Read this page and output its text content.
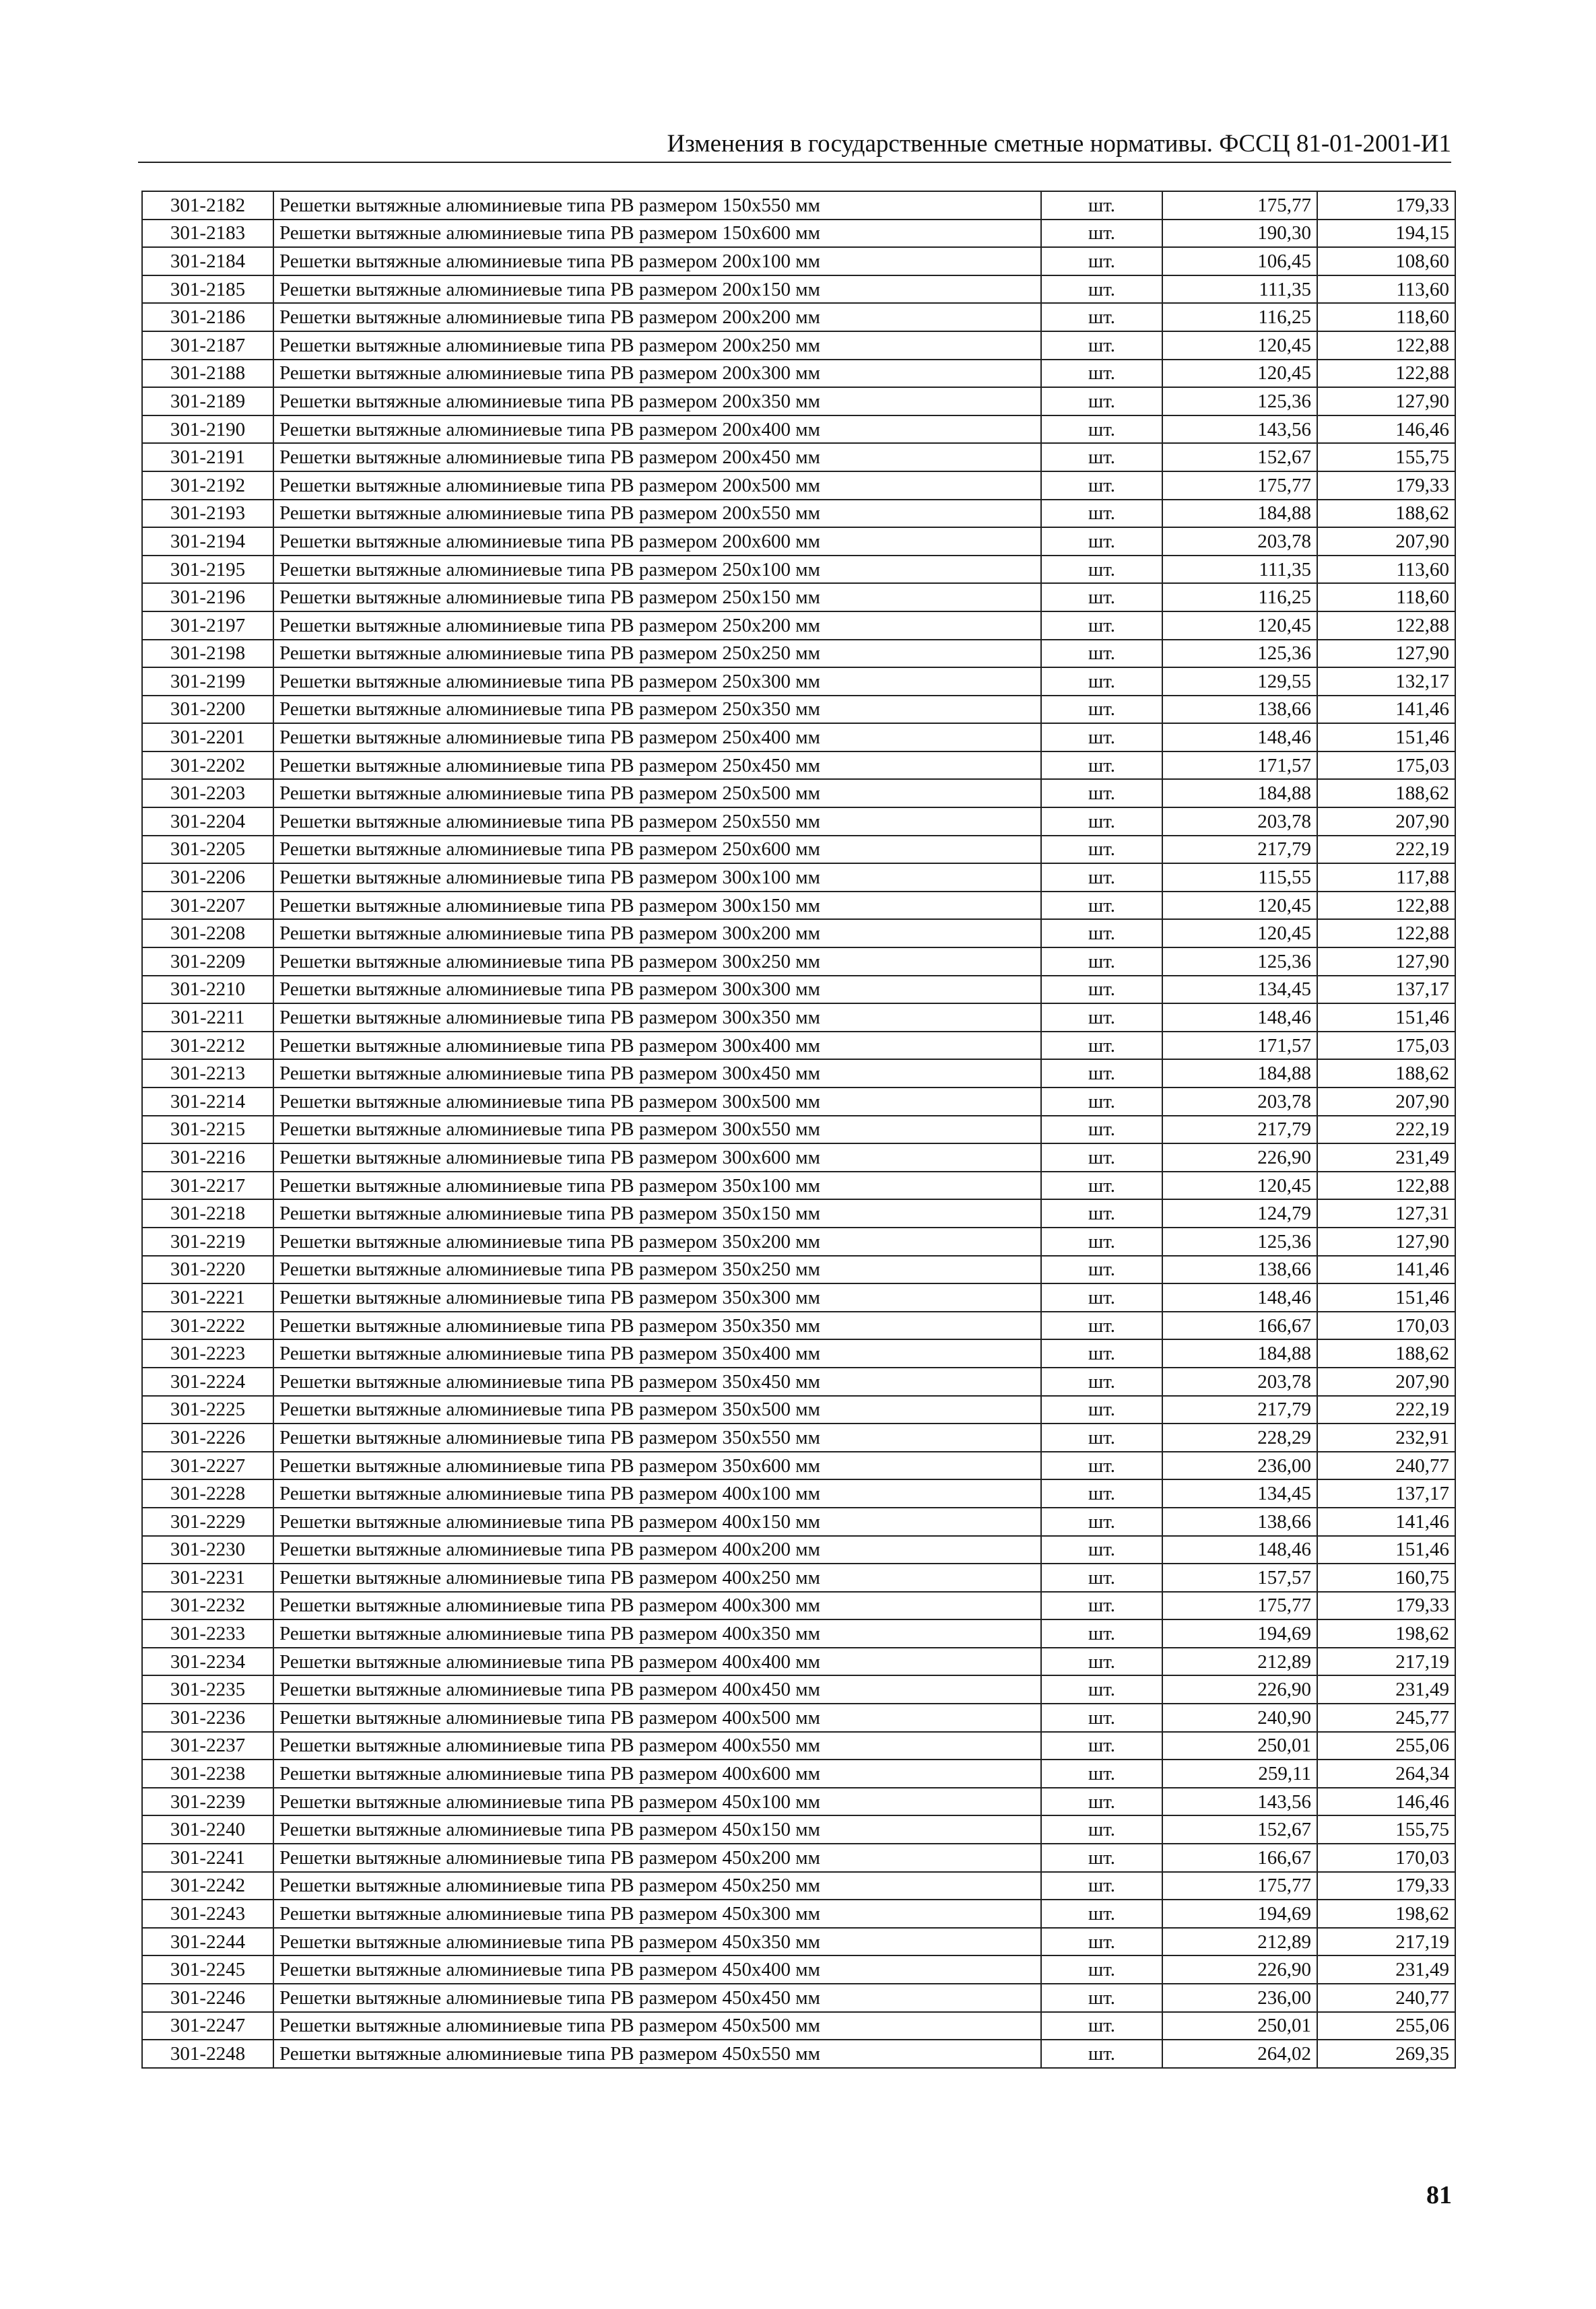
Изменения в государственные сметные нормативы. ФССЦ 81-01-2001-И1
301-2182	Решетки вытяжные алюминиевые типа РВ размером 150х550 мм	шт.	175,77	179,33
301-2183	Решетки вытяжные алюминиевые типа РВ размером 150х600 мм	шт.	190,30	194,15
301-2184	Решетки вытяжные алюминиевые типа РВ размером 200х100 мм	шт.	106,45	108,60
301-2185	Решетки вытяжные алюминиевые типа РВ размером 200х150 мм	шт.	111,35	113,60
301-2186	Решетки вытяжные алюминиевые типа РВ размером 200х200 мм	шт.	116,25	118,60
301-2187	Решетки вытяжные алюминиевые типа РВ размером 200х250 мм	шт.	120,45	122,88
301-2188	Решетки вытяжные алюминиевые типа РВ размером 200х300 мм	шт.	120,45	122,88
301-2189	Решетки вытяжные алюминиевые типа РВ размером 200х350 мм	шт.	125,36	127,90
301-2190	Решетки вытяжные алюминиевые типа РВ размером 200х400 мм	шт.	143,56	146,46
301-2191	Решетки вытяжные алюминиевые типа РВ размером 200х450 мм	шт.	152,67	155,75
301-2192	Решетки вытяжные алюминиевые типа РВ размером 200х500 мм	шт.	175,77	179,33
301-2193	Решетки вытяжные алюминиевые типа РВ размером 200х550 мм	шт.	184,88	188,62
301-2194	Решетки вытяжные алюминиевые типа РВ размером 200х600 мм	шт.	203,78	207,90
301-2195	Решетки вытяжные алюминиевые типа РВ размером 250х100 мм	шт.	111,35	113,60
301-2196	Решетки вытяжные алюминиевые типа РВ размером 250х150 мм	шт.	116,25	118,60
301-2197	Решетки вытяжные алюминиевые типа РВ размером 250х200 мм	шт.	120,45	122,88
301-2198	Решетки вытяжные алюминиевые типа РВ размером 250х250 мм	шт.	125,36	127,90
301-2199	Решетки вытяжные алюминиевые типа РВ размером 250х300 мм	шт.	129,55	132,17
301-2200	Решетки вытяжные алюминиевые типа РВ размером 250х350 мм	шт.	138,66	141,46
301-2201	Решетки вытяжные алюминиевые типа РВ размером 250х400 мм	шт.	148,46	151,46
301-2202	Решетки вытяжные алюминиевые типа РВ размером 250х450 мм	шт.	171,57	175,03
301-2203	Решетки вытяжные алюминиевые типа РВ размером 250х500 мм	шт.	184,88	188,62
301-2204	Решетки вытяжные алюминиевые типа РВ размером 250х550 мм	шт.	203,78	207,90
301-2205	Решетки вытяжные алюминиевые типа РВ размером 250х600 мм	шт.	217,79	222,19
301-2206	Решетки вытяжные алюминиевые типа РВ размером 300х100 мм	шт.	115,55	117,88
301-2207	Решетки вытяжные алюминиевые типа РВ размером 300х150 мм	шт.	120,45	122,88
301-2208	Решетки вытяжные алюминиевые типа РВ размером 300х200 мм	шт.	120,45	122,88
301-2209	Решетки вытяжные алюминиевые типа РВ размером 300х250 мм	шт.	125,36	127,90
301-2210	Решетки вытяжные алюминиевые типа РВ размером 300х300 мм	шт.	134,45	137,17
301-2211	Решетки вытяжные алюминиевые типа РВ размером 300х350 мм	шт.	148,46	151,46
301-2212	Решетки вытяжные алюминиевые типа РВ размером 300х400 мм	шт.	171,57	175,03
301-2213	Решетки вытяжные алюминиевые типа РВ размером 300х450 мм	шт.	184,88	188,62
301-2214	Решетки вытяжные алюминиевые типа РВ размером 300х500 мм	шт.	203,78	207,90
301-2215	Решетки вытяжные алюминиевые типа РВ размером 300х550 мм	шт.	217,79	222,19
301-2216	Решетки вытяжные алюминиевые типа РВ размером 300х600 мм	шт.	226,90	231,49
301-2217	Решетки вытяжные алюминиевые типа РВ размером 350х100 мм	шт.	120,45	122,88
301-2218	Решетки вытяжные алюминиевые типа РВ размером 350х150 мм	шт.	124,79	127,31
301-2219	Решетки вытяжные алюминиевые типа РВ размером 350х200 мм	шт.	125,36	127,90
301-2220	Решетки вытяжные алюминиевые типа РВ размером 350х250 мм	шт.	138,66	141,46
301-2221	Решетки вытяжные алюминиевые типа РВ размером 350х300 мм	шт.	148,46	151,46
301-2222	Решетки вытяжные алюминиевые типа РВ размером 350х350 мм	шт.	166,67	170,03
301-2223	Решетки вытяжные алюминиевые типа РВ размером 350х400 мм	шт.	184,88	188,62
301-2224	Решетки вытяжные алюминиевые типа РВ размером 350х450 мм	шт.	203,78	207,90
301-2225	Решетки вытяжные алюминиевые типа РВ размером 350х500 мм	шт.	217,79	222,19
301-2226	Решетки вытяжные алюминиевые типа РВ размером 350х550 мм	шт.	228,29	232,91
301-2227	Решетки вытяжные алюминиевые типа РВ размером 350х600 мм	шт.	236,00	240,77
301-2228	Решетки вытяжные алюминиевые типа РВ размером 400х100 мм	шт.	134,45	137,17
301-2229	Решетки вытяжные алюминиевые типа РВ размером 400х150 мм	шт.	138,66	141,46
301-2230	Решетки вытяжные алюминиевые типа РВ размером 400х200 мм	шт.	148,46	151,46
301-2231	Решетки вытяжные алюминиевые типа РВ размером 400х250 мм	шт.	157,57	160,75
301-2232	Решетки вытяжные алюминиевые типа РВ размером 400х300 мм	шт.	175,77	179,33
301-2233	Решетки вытяжные алюминиевые типа РВ размером 400х350 мм	шт.	194,69	198,62
301-2234	Решетки вытяжные алюминиевые типа РВ размером 400х400 мм	шт.	212,89	217,19
301-2235	Решетки вытяжные алюминиевые типа РВ размером 400х450 мм	шт.	226,90	231,49
301-2236	Решетки вытяжные алюминиевые типа РВ размером 400х500 мм	шт.	240,90	245,77
301-2237	Решетки вытяжные алюминиевые типа РВ размером 400х550 мм	шт.	250,01	255,06
301-2238	Решетки вытяжные алюминиевые типа РВ размером 400х600 мм	шт.	259,11	264,34
301-2239	Решетки вытяжные алюминиевые типа РВ размером 450х100 мм	шт.	143,56	146,46
301-2240	Решетки вытяжные алюминиевые типа РВ размером 450х150 мм	шт.	152,67	155,75
301-2241	Решетки вытяжные алюминиевые типа РВ размером 450х200 мм	шт.	166,67	170,03
301-2242	Решетки вытяжные алюминиевые типа РВ размером 450х250 мм	шт.	175,77	179,33
301-2243	Решетки вытяжные алюминиевые типа РВ размером 450х300 мм	шт.	194,69	198,62
301-2244	Решетки вытяжные алюминиевые типа РВ размером 450х350 мм	шт.	212,89	217,19
301-2245	Решетки вытяжные алюминиевые типа РВ размером 450х400 мм	шт.	226,90	231,49
301-2246	Решетки вытяжные алюминиевые типа РВ размером 450х450 мм	шт.	236,00	240,77
301-2247	Решетки вытяжные алюминиевые типа РВ размером 450х500 мм	шт.	250,01	255,06
301-2248	Решетки вытяжные алюминиевые типа РВ размером 450х550 мм	шт.	264,02	269,35
81
